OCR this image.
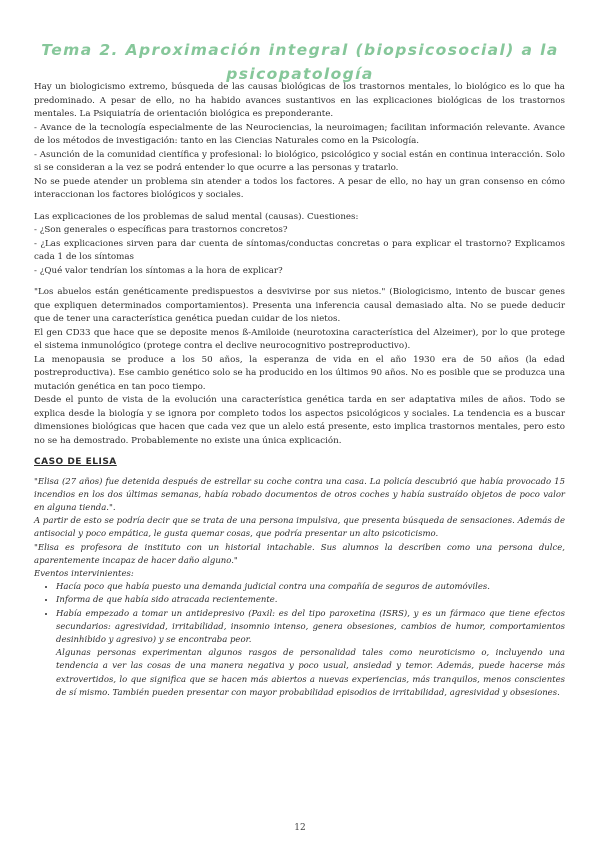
Tema 2. Aproximación integral (biopsicosocial) a la psicopatología

Hay un biologicismo extremo, búsqueda de las causas biológicas de los trastornos mentales, lo biológico es lo que ha predominado. A pesar de ello, no ha habido avances sustantivos en las explicaciones biológicas de los trastornos mentales. La Psiquiatría de orientación biológica es preponderante.

- Avance de la tecnología especialmente de las Neurociencias, la neuroimagen; facilitan información relevante. Avance de los métodos de investigación: tanto en las Ciencias Naturales como en la Psicología.

- Asunción de la comunidad científica y profesional: lo biológico, psicológico y social están en continua interacción. Solo si se consideran a la vez se podrá entender lo que ocurre a las personas y tratarlo.

No se puede atender un problema sin atender a todos los factores. A pesar de ello, no hay un gran consenso en cómo interaccionan los factores biológicos y sociales.

Las explicaciones de los problemas de salud mental (causas). Cuestiones:

- ¿Son generales o específicas para trastornos concretos?

- ¿Las explicaciones sirven para dar cuenta de síntomas/conductas concretas o para explicar el trastorno? Explicamos cada 1 de los síntomas

- ¿Qué valor tendrían los síntomas a la hora de explicar?

"Los abuelos están genéticamente predispuestos a desvivirse por sus nietos." (Biologicismo, intento de buscar genes que expliquen determinados comportamientos). Presenta una inferencia causal demasiado alta. No se puede deducir que de tener una característica genética puedan cuidar de los nietos.

El gen CD33 que hace que se deposite menos ß-Amiloide (neurotoxina característica del Alzeimer), por lo que protege el sistema inmunológico (protege contra el declive neurocognitivo postreproductivo).

La menopausia se produce a los 50 años, la esperanza de vida en el año 1930 era de 50 años (la edad postreproductiva). Ese cambio genético solo se ha producido en los últimos 90 años. No es posible que se produzca una mutación genética en tan poco tiempo.

Desde el punto de vista de la evolución una característica genética tarda en ser adaptativa miles de años. Todo se explica desde la biología y se ignora por completo todos los aspectos psicológicos y sociales. La tendencia es a buscar dimensiones biológicas que hacen que cada vez que un alelo está presente, esto implica trastornos mentales, pero esto no se ha demostrado. Probablemente no existe una única explicación.

CASO DE ELISA

"Elisa (27 años) fue detenida después de estrellar su coche contra una casa. La policía descubrió que había provocado 15 incendios en los dos últimas semanas, había robado documentos de otros coches y había sustraído objetos de poco valor en alguna tienda.".

A partir de esto se podría decir que se trata de una persona impulsiva, que presenta búsqueda de sensaciones. Además de antisocial y poco empática, le gusta quemar cosas, que podría presentar un alto psicoticismo.

"Elisa es profesora de instituto con un historial intachable. Sus alumnos la describen como una persona dulce, aparentemente incapaz de hacer daño alguno."

Eventos intervinientes:

• Hacía poco que había puesto una demanda judicial contra una compañía de seguros de automóviles.
• Informa de que había sido atracada recientemente.
• Había empezado a tomar un antidepresivo (Paxil: es del tipo paroxetina (ISRS), y es un fármaco que tiene efectos secundarios: agresividad, irritabilidad, insomnio intenso, genera obsesiones, cambios de humor, comportamientos desinhibido y agresivo) y se encontraba peor.
Algunas personas experimentan algunos rasgos de personalidad tales como neuroticismo o, incluyendo una tendencia a ver las cosas de una manera negativa y poco usual, ansiedad y temor. Además, puede hacerse más extrovertidos, lo que significa que se hacen más abiertos a nuevas experiencias, más tranquilos, menos conscientes de sí mismo. También pueden presentar con mayor probabilidad episodios de irritabilidad, agresividad y obsesiones.
12
